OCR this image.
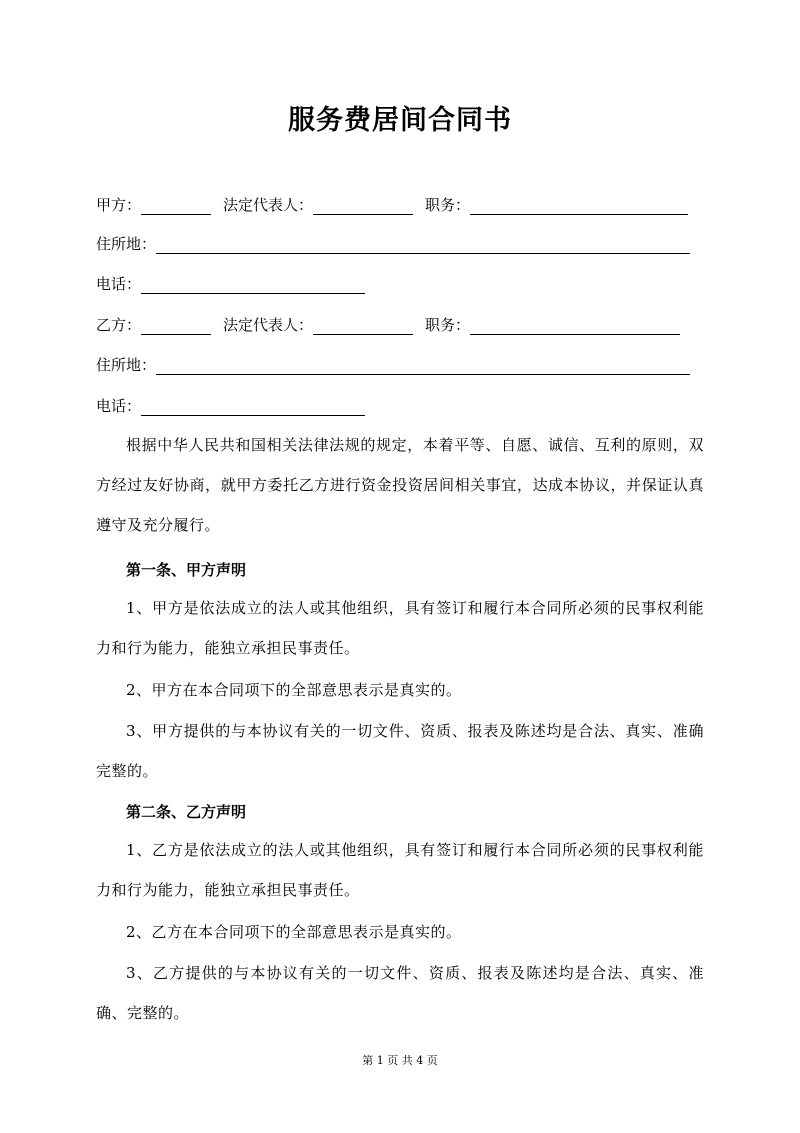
服务费居间合同书
甲方：	法定代表人：	职务：
住所地：
电话：
乙方：	法定代表人：	职务：
住所地：
电话：

根据中华人民共和国相关法律法规的规定，本着平等、自愿、诚信、互利的原则，双方经过友好协商，就甲方委托乙方进行资金投资居间相关事宜，达成本协议，并保证认真遵守及充分履行。

第一条、甲方声明

1、甲方是依法成立的法人或其他组织，具有签订和履行本合同所必须的民事权利能力和行为能力，能独立承担民事责任。

2、甲方在本合同项下的全部意思表示是真实的。

3、甲方提供的与本协议有关的一切文件、资质、报表及陈述均是合法、真实、准确完整的。

第二条、乙方声明

1、乙方是依法成立的法人或其他组织，具有签订和履行本合同所必须的民事权利能力和行为能力，能独立承担民事责任。

2、乙方在本合同项下的全部意思表示是真实的。

3、乙方提供的与本协议有关的一切文件、资质、报表及陈述均是合法、真实、准确、完整的。

第 1 页 共 4 页
